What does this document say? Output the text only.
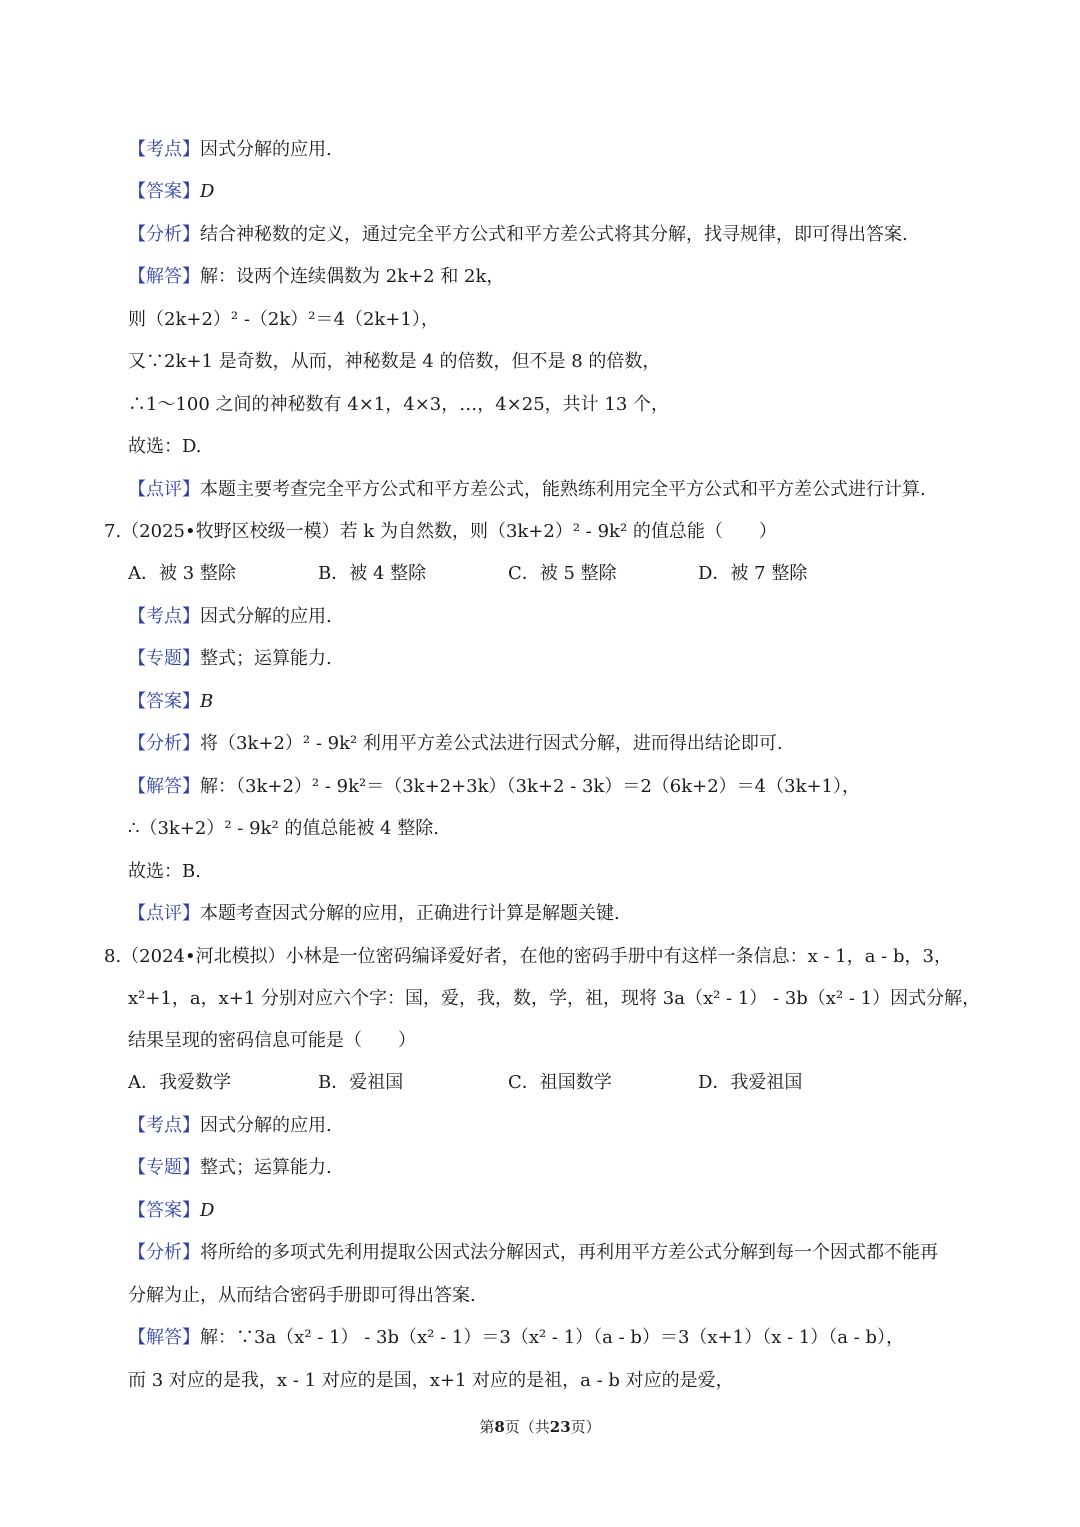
【考点】因式分解的应用.
【答案】D
【分析】结合神秘数的定义，通过完全平方公式和平方差公式将其分解，找寻规律，即可得出答案.
【解答】解：设两个连续偶数为 2k+2 和 2k，
则（2k+2）² -（2k）²＝4（2k+1），
又∵2k+1 是奇数，从而，神秘数是 4 的倍数，但不是 8 的倍数，
∴1～100 之间的神秘数有 4×1，4×3，…，4×25，共计 13 个，
故选：D.
【点评】本题主要考查完全平方公式和平方差公式，能熟练利用完全平方公式和平方差公式进行计算.
7.（2025•牧野区校级一模）若 k 为自然数，则（3k+2）² - 9k² 的值总能（　　）
A．被 3 整除	B．被 4 整除	C．被 5 整除	D．被 7 整除
【考点】因式分解的应用.
【专题】整式；运算能力.
【答案】B
【分析】将（3k+2）² - 9k² 利用平方差公式法进行因式分解，进而得出结论即可.
【解答】解：（3k+2）² - 9k²＝（3k+2+3k）（3k+2 - 3k）＝2（6k+2）＝4（3k+1），
∴（3k+2）² - 9k² 的值总能被 4 整除.
故选：B.
【点评】本题考查因式分解的应用，正确进行计算是解题关键.
8.（2024•河北模拟）小林是一位密码编译爱好者，在他的密码手册中有这样一条信息：x - 1，a - b，3，
x²+1，a，x+1 分别对应六个字：国，爱，我，数，学，祖，现将 3a（x² - 1） - 3b（x² - 1）因式分解，
结果呈现的密码信息可能是（　　）
A．我爱数学	B．爱祖国	C．祖国数学	D．我爱祖国
【考点】因式分解的应用.
【专题】整式；运算能力.
【答案】D
【分析】将所给的多项式先利用提取公因式法分解因式，再利用平方差公式分解到每一个因式都不能再
分解为止，从而结合密码手册即可得出答案.
【解答】解：∵3a（x² - 1） - 3b（x² - 1）＝3（x² - 1）（a - b）＝3（x+1）（x - 1）（a - b），
而 3 对应的是我，x - 1 对应的是国，x+1 对应的是祖，a - b 对应的是爱，
第8页（共23页）
